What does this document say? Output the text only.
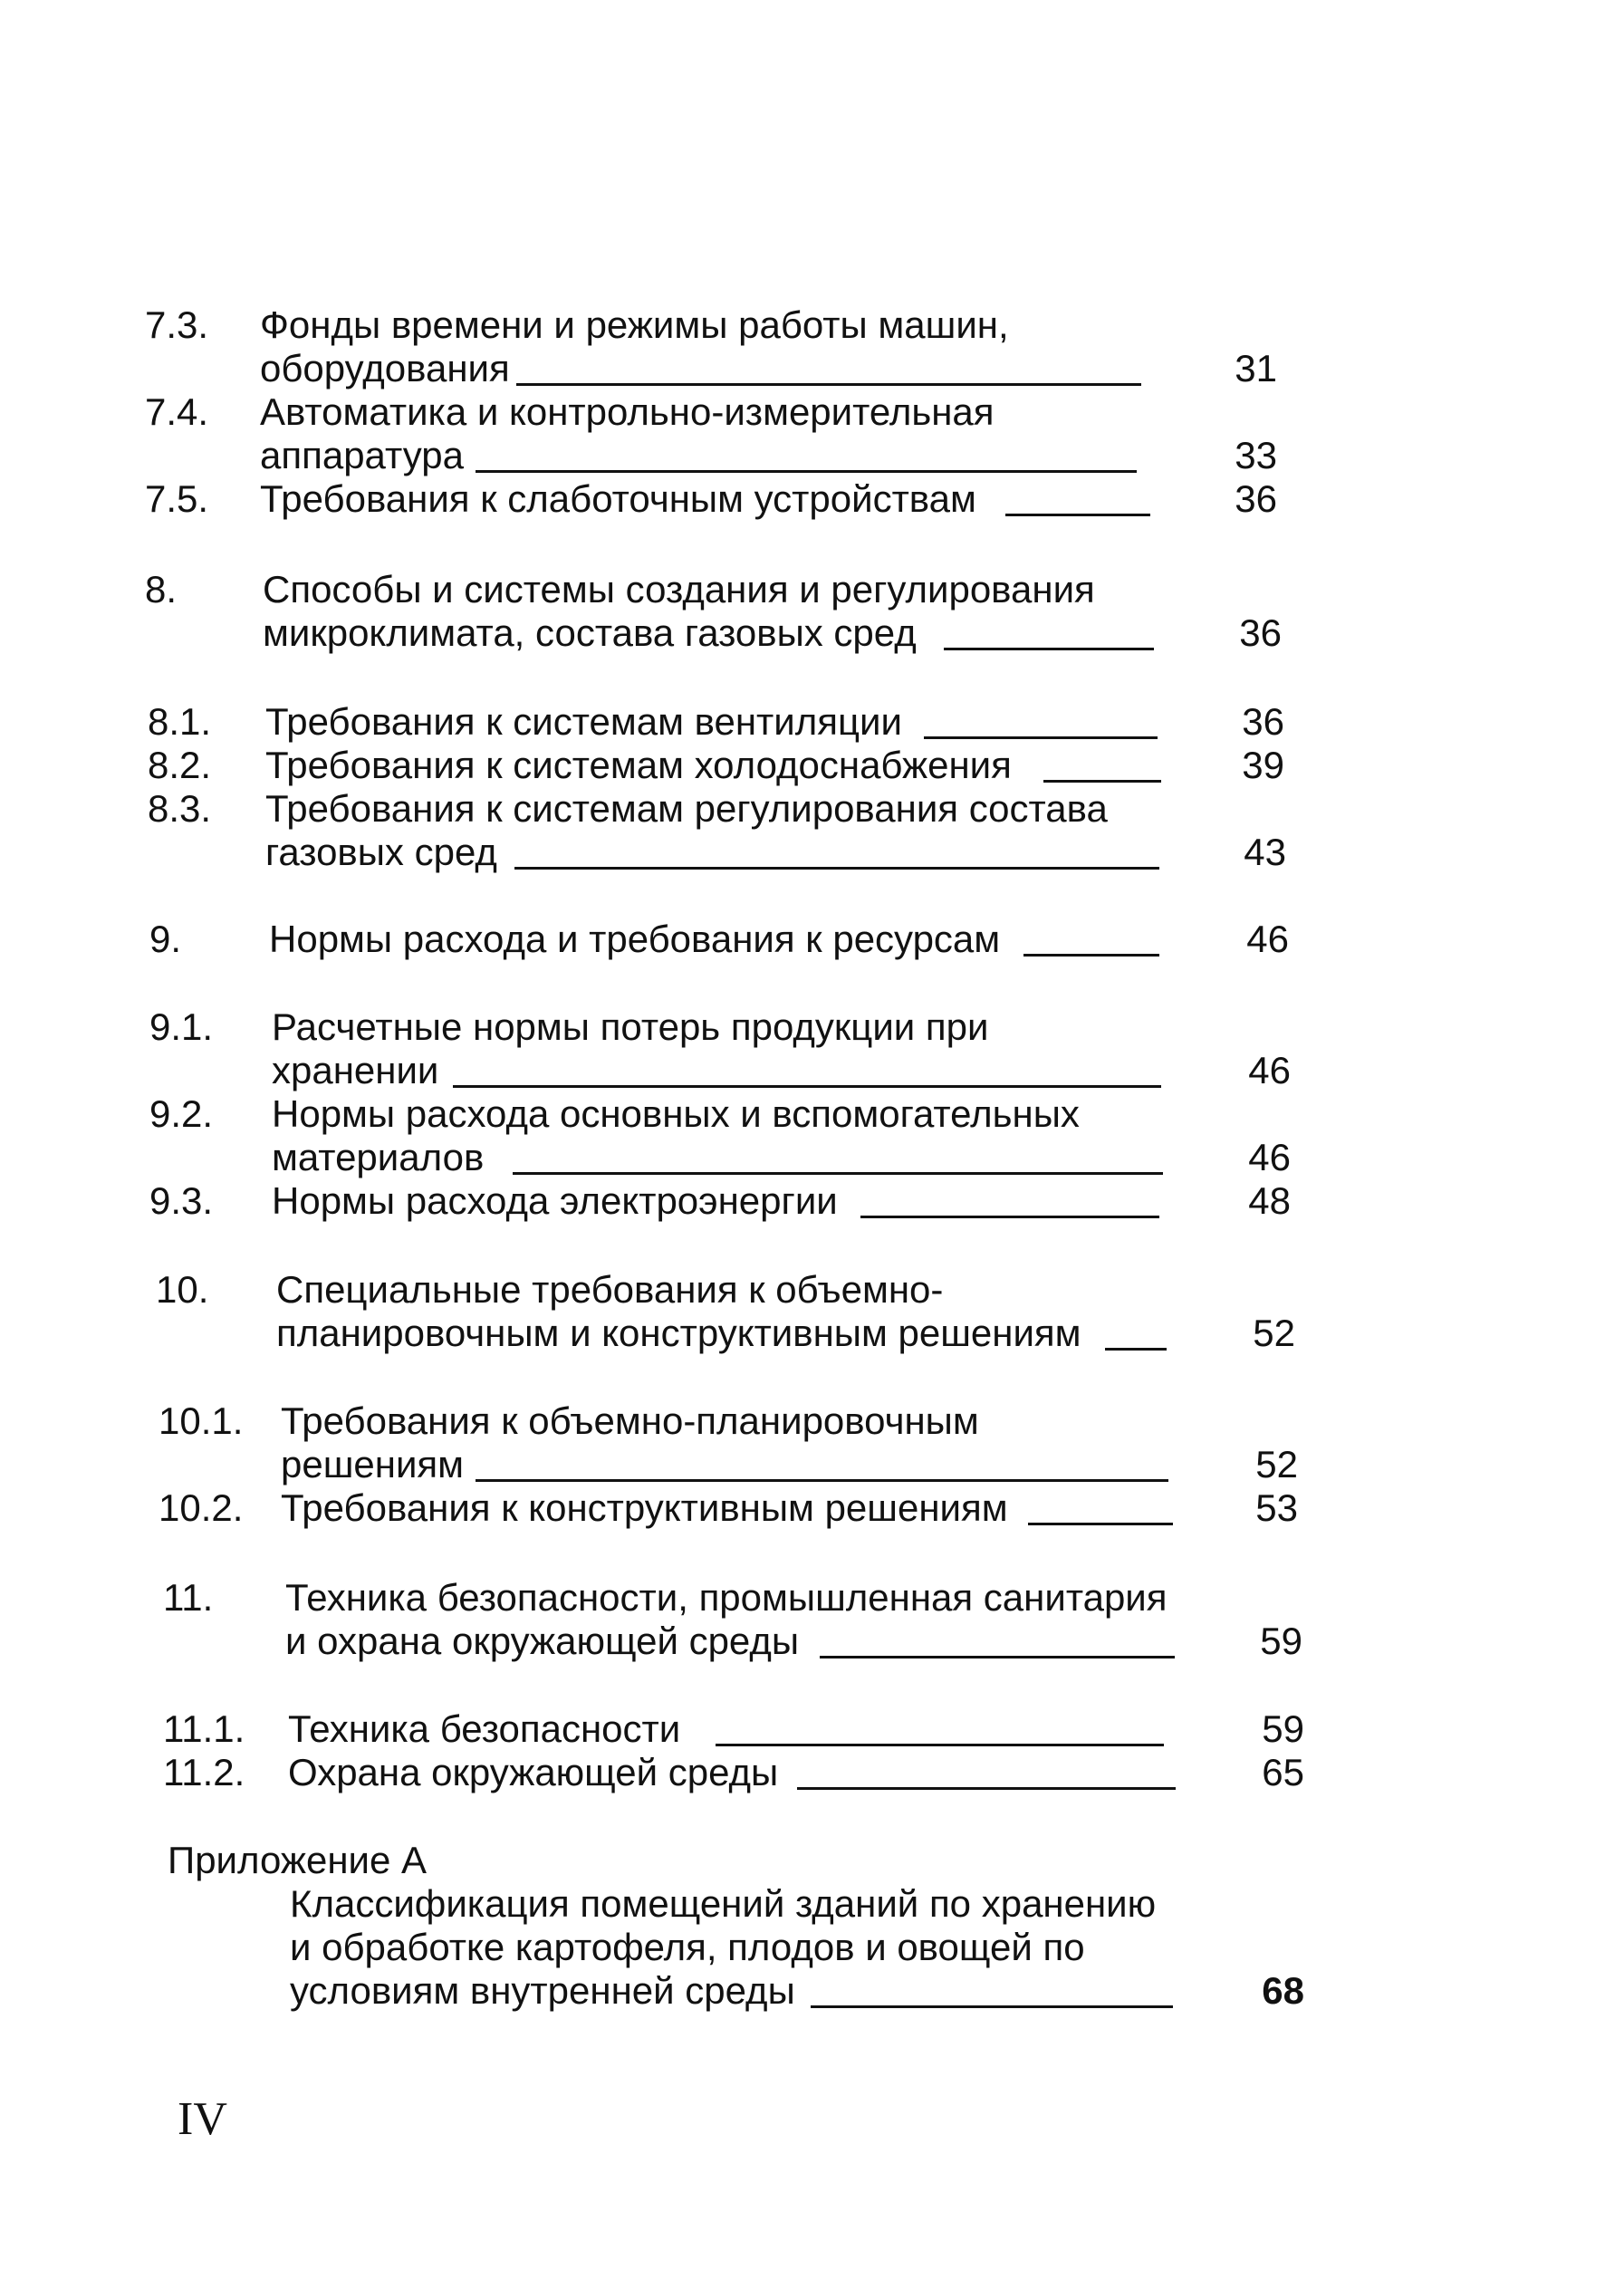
7.3. Фонды времени и режимы работы машин,
оборудования	31
7.4. Автоматика и контрольно-измерительная
аппаратура	33
7.5. Требования к слаботочным устройствам	36
8. Способы и системы создания и регулирования
микроклимата, состава газовых сред	36
8.1. Требования к системам вентиляции	36
8.2. Требования к системам холодоснабжения	39
8.3. Требования к системам регулирования состава
газовых сред	43
9. Нормы расхода и требования к ресурсам	46
9.1. Расчетные нормы потерь продукции при
хранении	46
9.2. Нормы расхода основных и вспомогательных
материалов	46
9.3. Нормы расхода электроэнергии	48
10. Специальные требования к объемно-
планировочным и конструктивным решениям	52
10.1. Требования к объемно-планировочным
решениям	52
10.2. Требования к конструктивным решениям	53
11. Техника безопасности, промышленная санитария
и охрана окружающей среды	59
11.1. Техника безопасности	59
11.2. Охрана окружающей среды	65
Приложение А
Классификация помещений зданий по хранению
и обработке картофеля, плодов и овощей по
условиям внутренней среды	68
IV
